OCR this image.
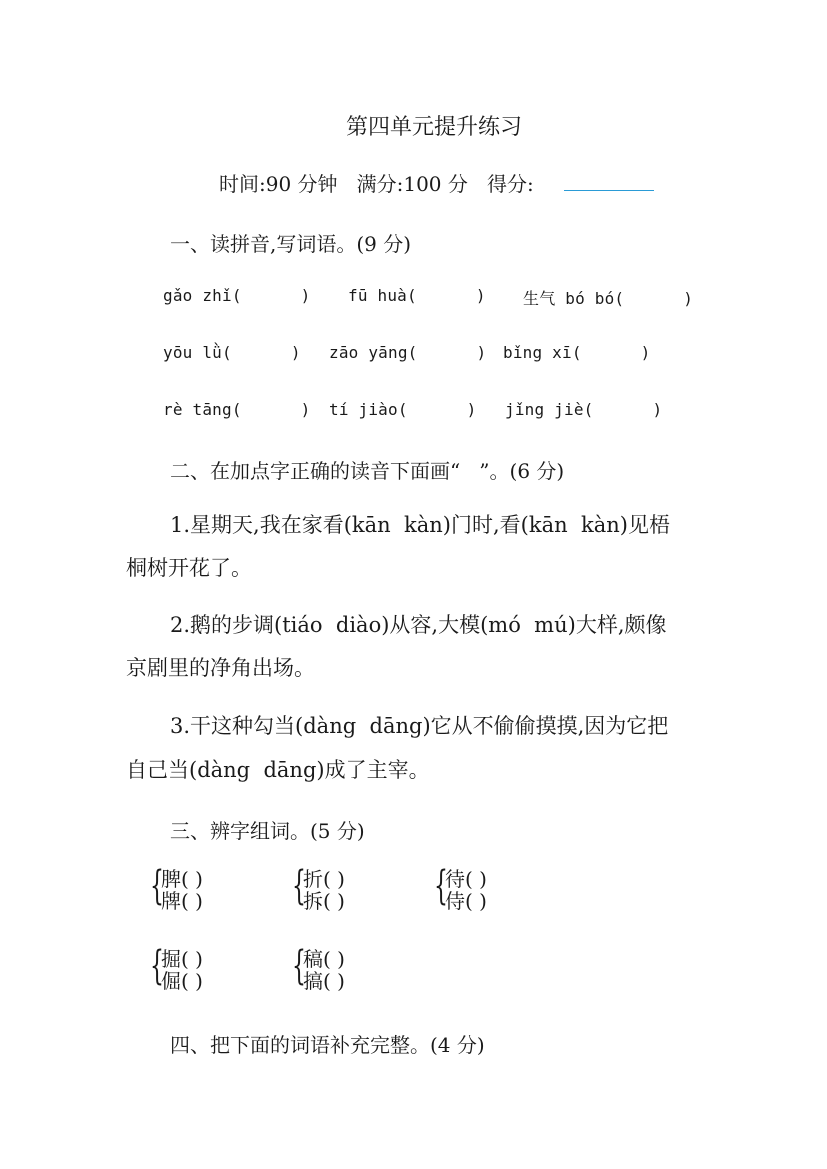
第四单元提升练习
时间:90 分钟   满分:100 分   得分:
一、读拼音,写词语。(9 分)
gǎo zhǐ(      ) fū huà(      ) 生气 bó bó(      )
yōu lǜ(      ) zāo yāng(      ) bǐng xī(      )
rè tāng(      ) tí jiào(      ) jǐng jiè(      )
二、在加点字正确的读音下面画“   ”。(6 分)
1.星期天,我在家看(kān  kàn)门时,看(kān  kàn)见梧
桐树开花了。
2.鹅的步调(tiáo  diào)从容,大模(mó  mú)大样,颇像
京剧里的净角出场。
3.干这种勾当(dàng  dāng)它从不偷偷摸摸,因为它把
自己当(dàng  dāng)成了主宰。
三、辨字组词。(5 分)
{
脾( )
牌( ) {
折( )
拆( ) {
待( )
侍( )
{
掘( )
倔( ) {
稿( )
搞( )
四、把下面的词语补充完整。(4 分)
